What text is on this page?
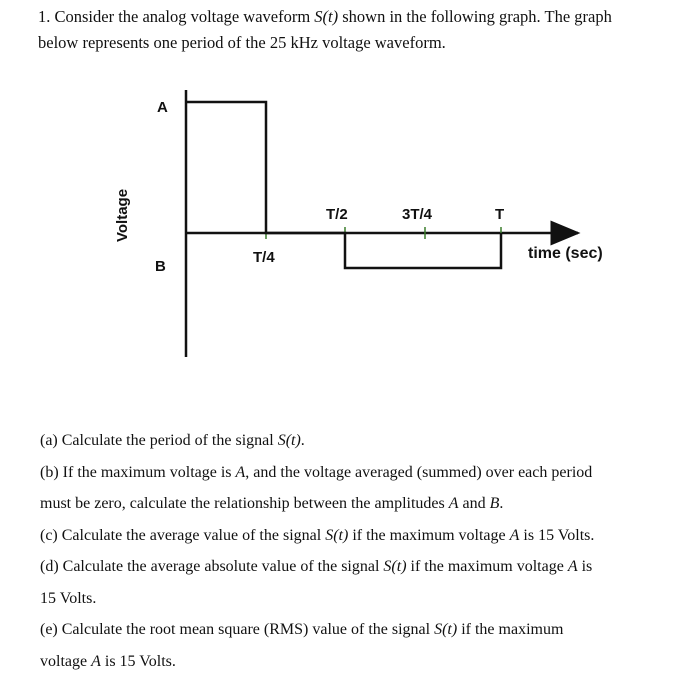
1. Consider the analog voltage waveform S(t) shown in the following graph. The graph

below represents one period of the 25 kHz voltage waveform.

A
B
Voltage
T/4
T/2	3T/4	T
time (sec)

(a) Calculate the period of the signal S(t).

(b) If the maximum voltage is A, and the voltage averaged (summed) over each period

must be zero, calculate the relationship between the amplitudes A and B.

(c) Calculate the average value of the signal S(t) if the maximum voltage A is 15 Volts.

(d) Calculate the average absolute value of the signal S(t) if the maximum voltage A is

15 Volts.

(e) Calculate the root mean square (RMS) value of the signal S(t) if the maximum

voltage A is 15 Volts.
